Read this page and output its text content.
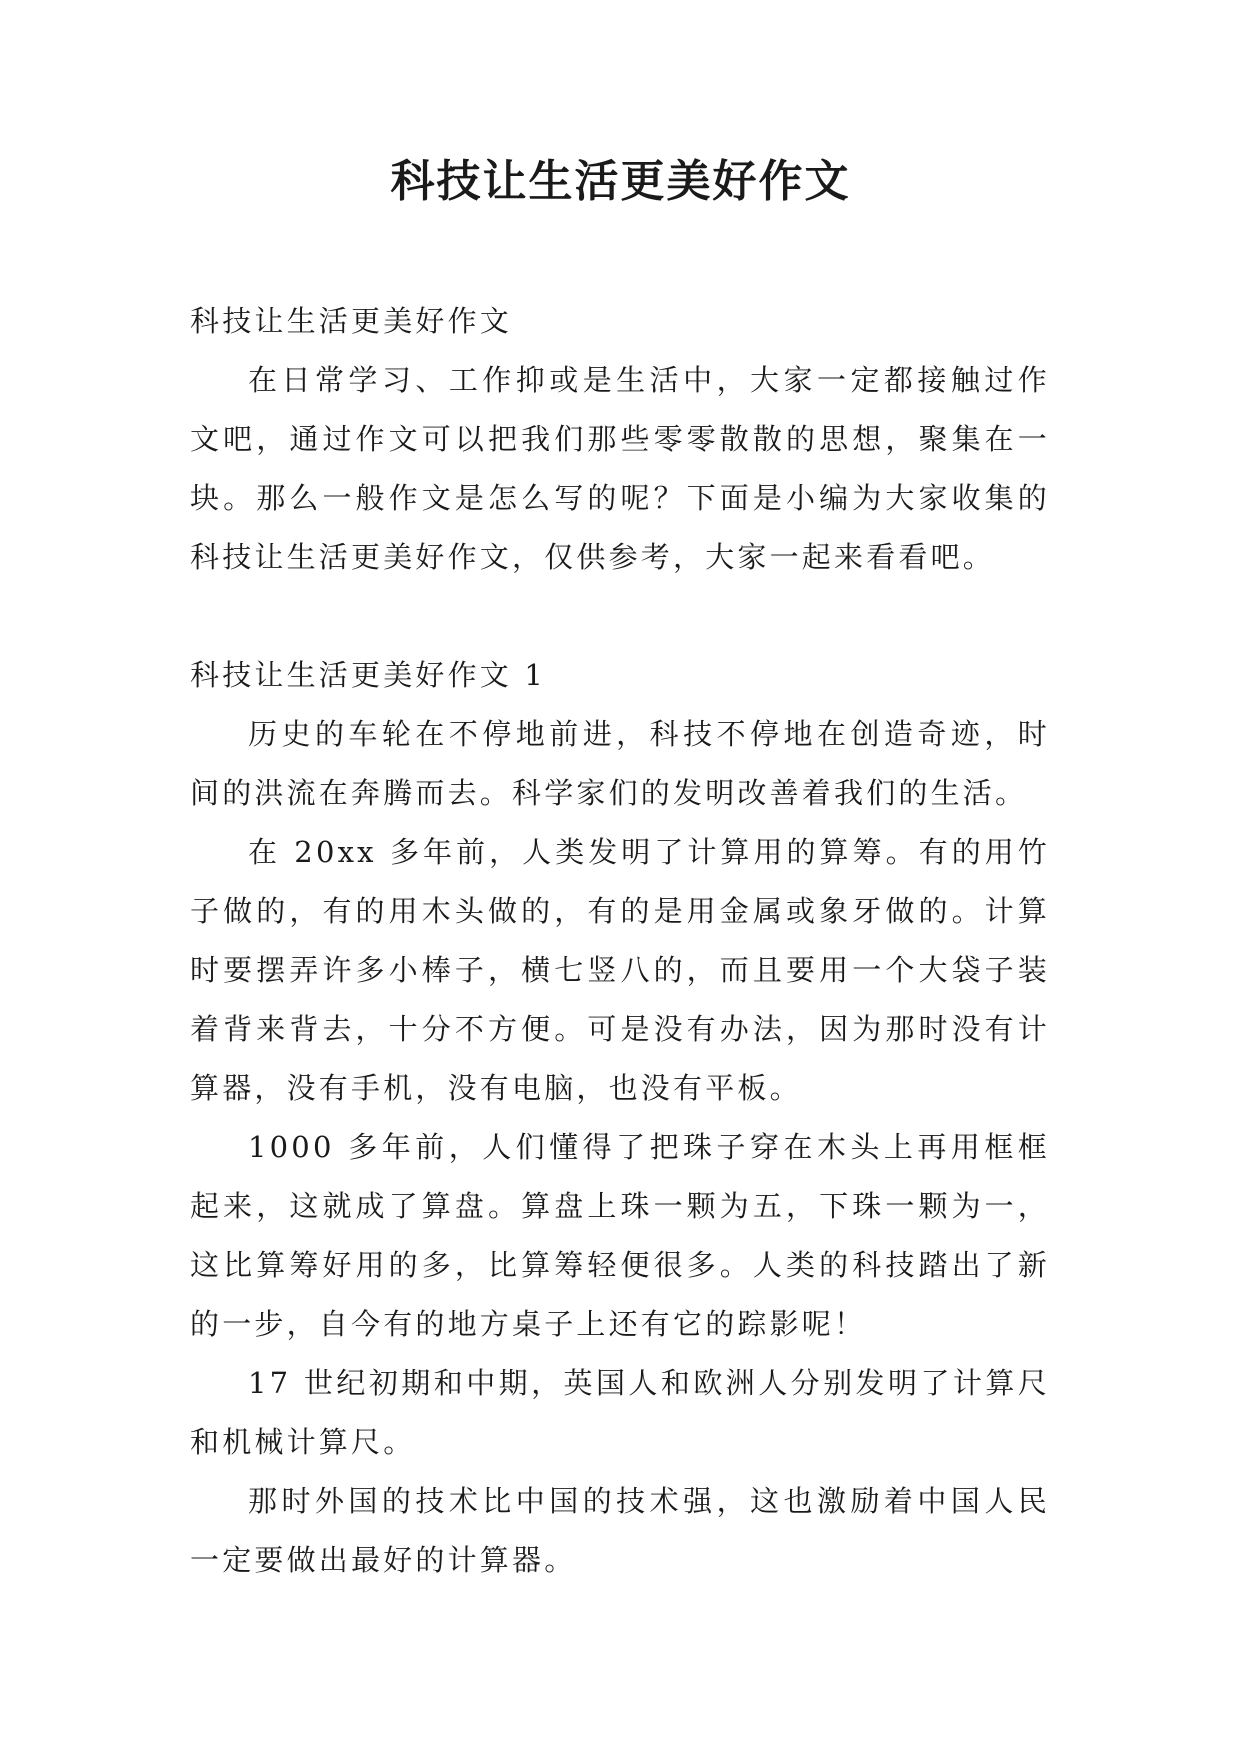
科技让生活更美好作文

科技让生活更美好作文

在日常学习、工作抑或是生活中，大家一定都接触过作文吧，通过作文可以把我们那些零零散散的思想，聚集在一块。那么一般作文是怎么写的呢？下面是小编为大家收集的科技让生活更美好作文，仅供参考，大家一起来看看吧。

科技让生活更美好作文 1

历史的车轮在不停地前进，科技不停地在创造奇迹，时间的洪流在奔腾而去。科学家们的发明改善着我们的生活。

在 20xx 多年前，人类发明了计算用的算筹。有的用竹子做的，有的用木头做的，有的是用金属或象牙做的。计算时要摆弄许多小棒子，横七竖八的，而且要用一个大袋子装着背来背去，十分不方便。可是没有办法，因为那时没有计算器，没有手机，没有电脑，也没有平板。

1000 多年前，人们懂得了把珠子穿在木头上再用框框起来，这就成了算盘。算盘上珠一颗为五，下珠一颗为一，这比算筹好用的多，比算筹轻便很多。人类的科技踏出了新的一步，自今有的地方桌子上还有它的踪影呢！

17 世纪初期和中期，英国人和欧洲人分别发明了计算尺和机械计算尺。

那时外国的技术比中国的技术强，这也激励着中国人民一定要做出最好的计算器。
